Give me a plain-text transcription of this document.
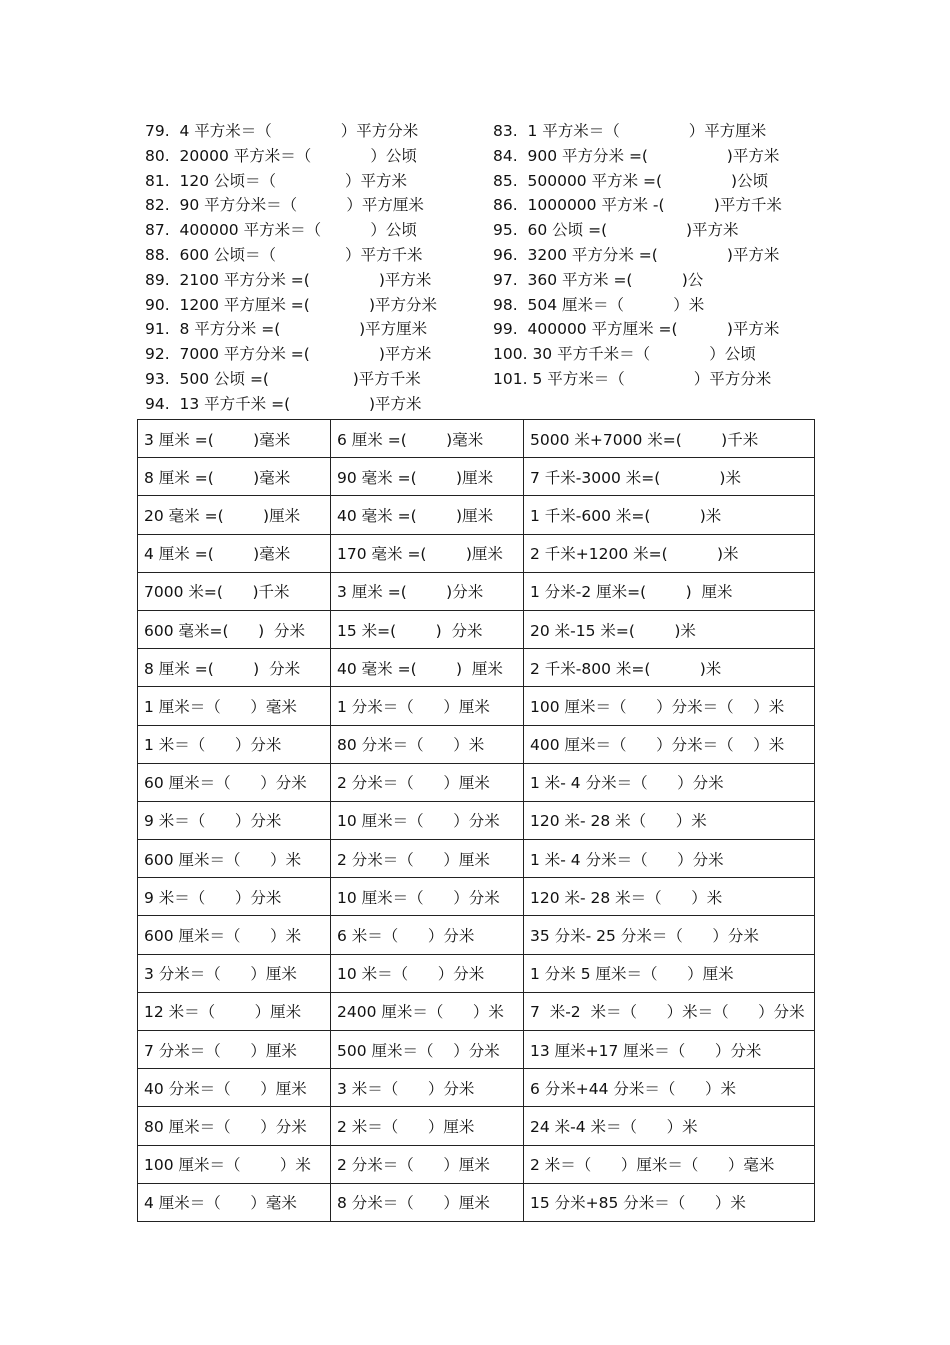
79.  4 平方米＝（              ）平方分米
80.  20000 平方米＝（            ）公顷
81.  120 公顷＝（              ）平方米
82.  90 平方分米＝（          ）平方厘米
87.  400000 平方米＝（          ）公顷
88.  600 公顷＝（              ）平方千米
89.  2100 平方分米 =(              )平方米
90.  1200 平方厘米 =(            )平方分米
91.  8 平方分米 =(                )平方厘米
92.  7000 平方分米 =(              )平方米
93.  500 公顷 =(                 )平方千米
94.  13 平方千米 =(                )平方米
83.  1 平方米＝（              ）平方厘米
84.  900 平方分米 =(                )平方米
85.  500000 平方米 =(              )公顷
86.  1000000 平方米 -(          )平方千米
95.  60 公顷 =(                )平方米
96.  3200 平方分米 =(              )平方米
97.  360 平方米 =(          )公
98.  504 厘米＝（          ）米
99.  400000 平方厘米 =(          )平方米
100. 30 平方千米＝（            ）公顷
101. 5 平方米＝（              ）平方分米
3 厘米 =(        )毫米	6 厘米 =(        )毫米	5000 米+7000 米=(        )千米
8 厘米 =(        )毫米	90 毫米 =(        )厘米	7 千米-3000 米=(            )米
20 毫米 =(        )厘米	40 毫米 =(        )厘米	1 千米-600 米=(          )米
4 厘米 =(        )毫米	170 毫米 =(        )厘米	2 千米+1200 米=(          )米
7000 米=(      )千米	3 厘米 =(        )分米	1 分米-2 厘米=(        )  厘米
600 毫米=(      )  分米	15 米=(        )  分米	20 米-15 米=(        )米
8 厘米 =(        )  分米	40 毫米 =(        )  厘米	2 千米-800 米=(          )米
1 厘米＝（      ）毫米	1 分米＝（      ）厘米	100 厘米＝（      ）分米＝（    ）米
1 米＝（      ）分米	80 分米＝（      ）米	400 厘米＝（      ）分米＝（    ）米
60 厘米＝（      ）分米	2 分米＝（      ）厘米	1 米- 4 分米＝（      ）分米
9 米＝（      ）分米	10 厘米＝（      ）分米	120 米- 28 米（      ）米
600 厘米＝（      ）米	2 分米＝（      ）厘米	1 米- 4 分米＝（      ）分米
9 米＝（      ）分米	10 厘米＝（      ）分米	120 米- 28 米＝（      ）米
600 厘米＝（      ）米	6 米＝（      ）分米	35 分米- 25 分米＝（      ）分米
3 分米＝（      ）厘米	10 米＝（      ）分米	1 分米 5 厘米＝（      ）厘米
12 米＝（        ）厘米	2400 厘米＝（      ）米	7  米-2  米＝（      ）米＝（      ）分米
7 分米＝（      ）厘米	500 厘米＝（    ）分米	13 厘米+17 厘米＝（      ）分米
40 分米＝（      ）厘米	3 米＝（      ）分米	6 分米+44 分米＝（      ）米
80 厘米＝（      ）分米	2 米＝（      ）厘米	24 米-4 米＝（      ）米
100 厘米＝（        ）米	2 分米＝（      ）厘米	2 米＝（      ）厘米＝（      ）毫米
4 厘米＝（      ）毫米	8 分米＝（      ）厘米	15 分米+85 分米＝（      ）米
